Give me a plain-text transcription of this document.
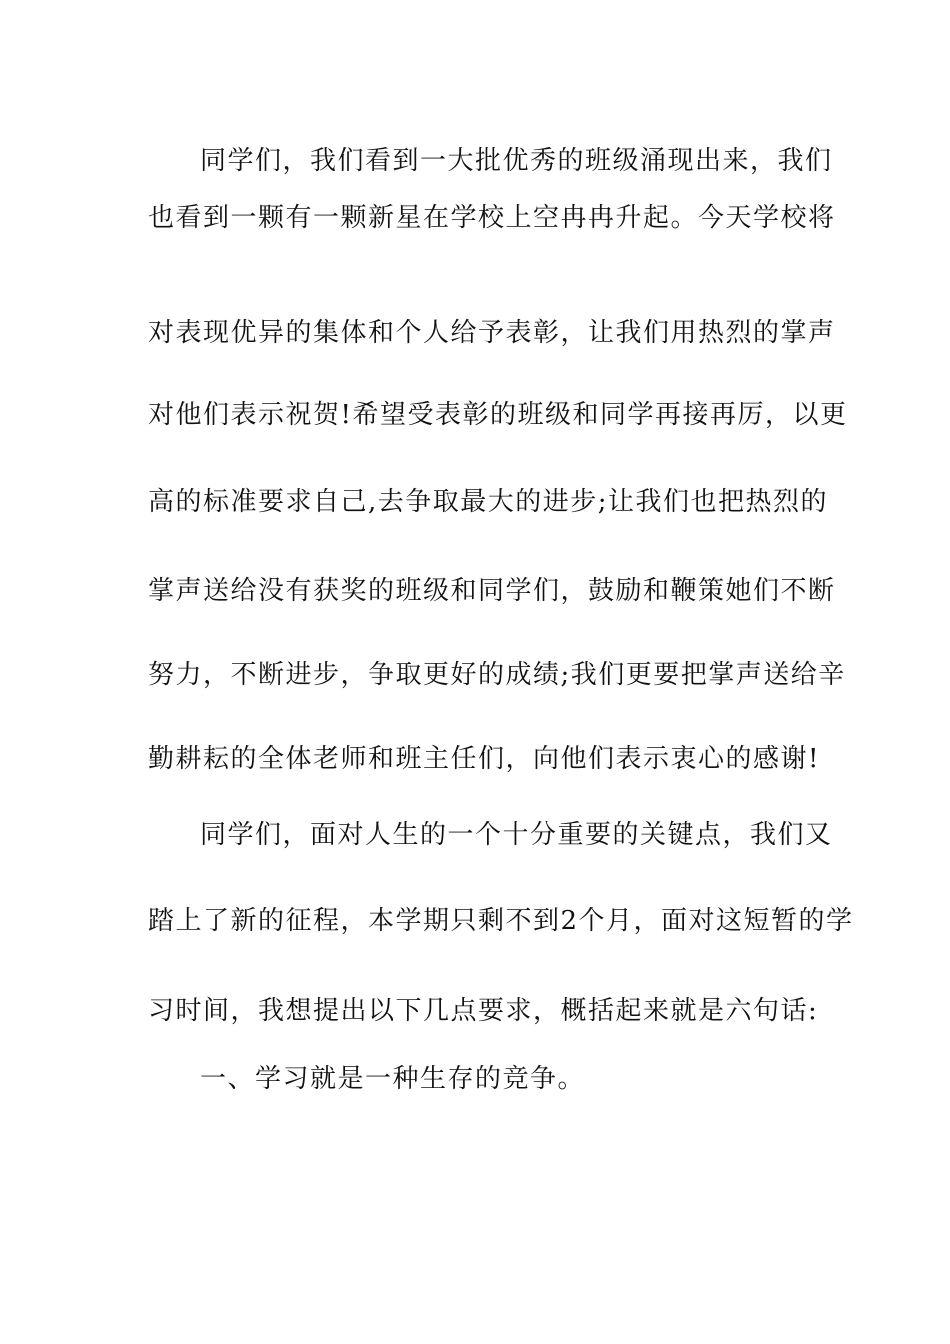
同学们，我们看到一大批优秀的班级涌现出来，我们

也看到一颗有一颗新星在学校上空冉冉升起。今天学校将

对表现优异的集体和个人给予表彰，让我们用热烈的掌声

对他们表示祝贺!希望受表彰的班级和同学再接再厉，以更

高的标准要求自己,去争取最大的进步;让我们也把热烈的

掌声送给没有获奖的班级和同学们，鼓励和鞭策她们不断

努力，不断进步，争取更好的成绩;我们更要把掌声送给辛

勤耕耘的全体老师和班主任们，向他们表示衷心的感谢!

同学们，面对人生的一个十分重要的关键点，我们又

踏上了新的征程，本学期只剩不到2个月，面对这短暂的学

习时间，我想提出以下几点要求，概括起来就是六句话:

一、学习就是一种生存的竞争。
